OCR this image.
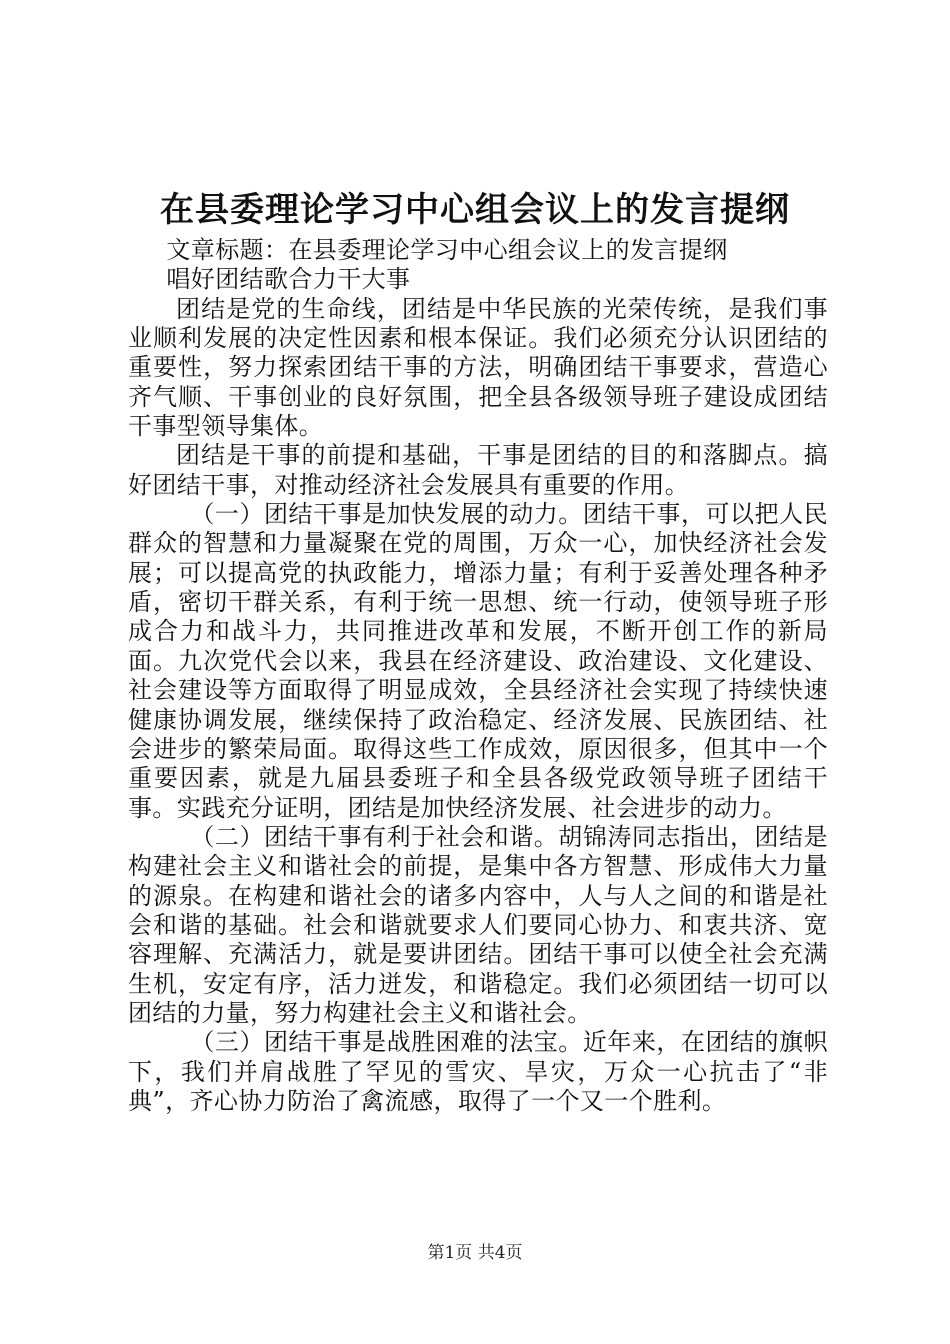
在县委理论学习中心组会议上的发言提纲

文章标题：在县委理论学习中心组会议上的发言提纲

唱好团结歌合力干大事

团结是党的生命线，团结是中华民族的光荣传统，是我们事业顺利发展的决定性因素和根本保证。我们必须充分认识团结的重要性，努力探索团结干事的方法，明确团结干事要求，营造心齐气顺、干事创业的良好氛围，把全县各级领导班子建设成团结干事型领导集体。

团结是干事的前提和基础，干事是团结的目的和落脚点。搞好团结干事，对推动经济社会发展具有重要的作用。

（一）团结干事是加快发展的动力。团结干事，可以把人民群众的智慧和力量凝聚在党的周围，万众一心，加快经济社会发展；可以提高党的执政能力，增添力量；有利于妥善处理各种矛盾，密切干群关系，有利于统一思想、统一行动，使领导班子形成合力和战斗力，共同推进改革和发展，不断开创工作的新局面。九次党代会以来，我县在经济建设、政治建设、文化建设、社会建设等方面取得了明显成效，全县经济社会实现了持续快速健康协调发展，继续保持了政治稳定、经济发展、民族团结、社会进步的繁荣局面。取得这些工作成效，原因很多，但其中一个重要因素，就是九届县委班子和全县各级党政领导班子团结干事。实践充分证明，团结是加快经济发展、社会进步的动力。

（二）团结干事有利于社会和谐。胡锦涛同志指出，团结是构建社会主义和谐社会的前提，是集中各方智慧、形成伟大力量的源泉。在构建和谐社会的诸多内容中，人与人之间的和谐是社会和谐的基础。社会和谐就要求人们要同心协力、和衷共济、宽容理解、充满活力，就是要讲团结。团结干事可以使全社会充满生机，安定有序，活力迸发，和谐稳定。我们必须团结一切可以团结的力量，努力构建社会主义和谐社会。

（三）团结干事是战胜困难的法宝。近年来，在团结的旗帜下，我们并肩战胜了罕见的雪灾、旱灾，万众一心抗击了“非典”，齐心协力防治了禽流感，取得了一个又一个胜利。

第1页 共4页
